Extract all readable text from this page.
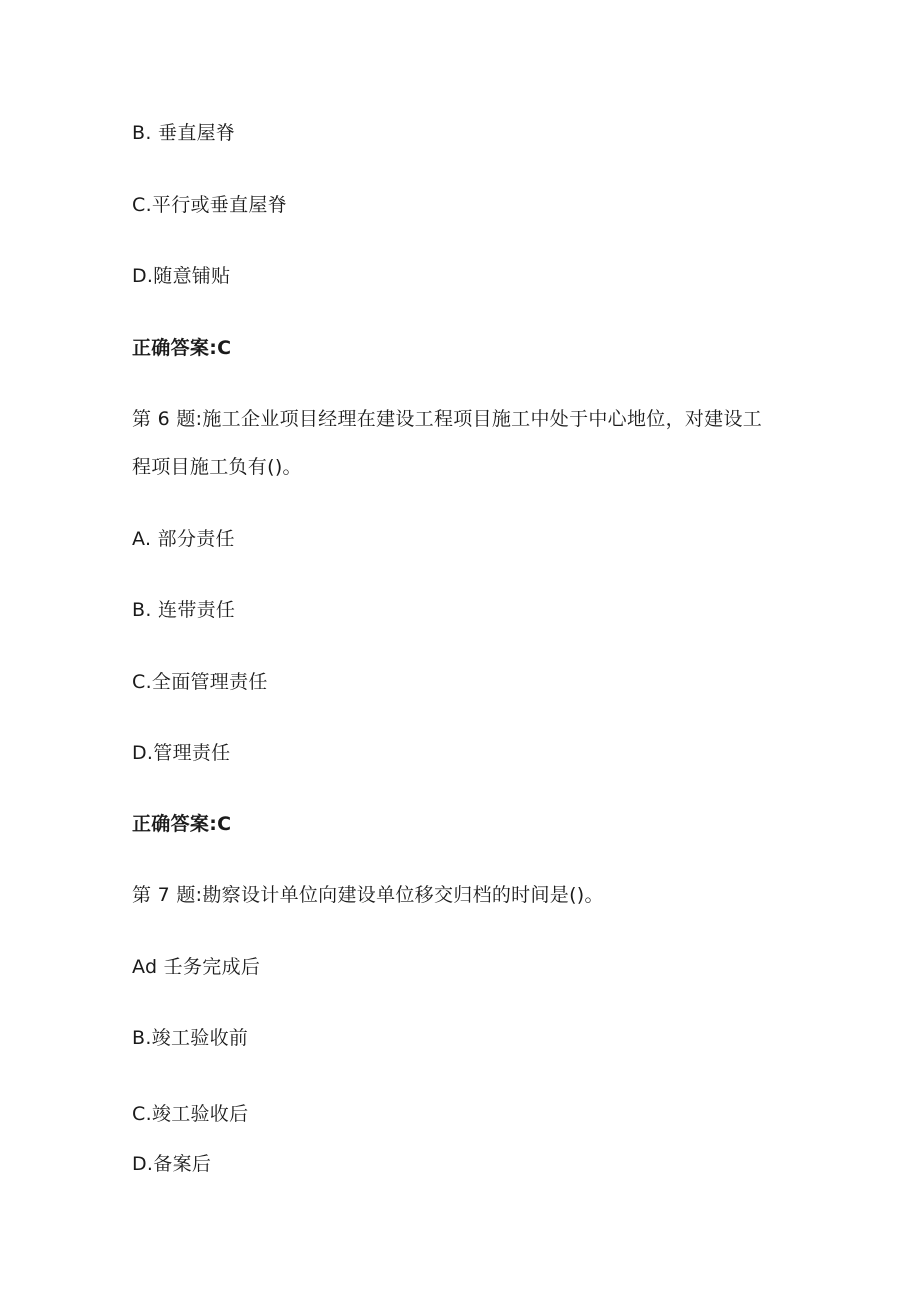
B. 垂直屋脊
C.平行或垂直屋脊
D.随意铺贴
正确答案:C
第 6 题:施工企业项目经理在建设工程项目施工中处于中心地位，对建设工
程项目施工负有()。
A. 部分责任
B. 连带责任
C.全面管理责任
D.管理责任
正确答案:C
第 7 题:勘察设计单位向建设单位移交归档的时间是()。
Ad 壬务完成后
B.竣工验收前
C.竣工验收后
D.备案后
